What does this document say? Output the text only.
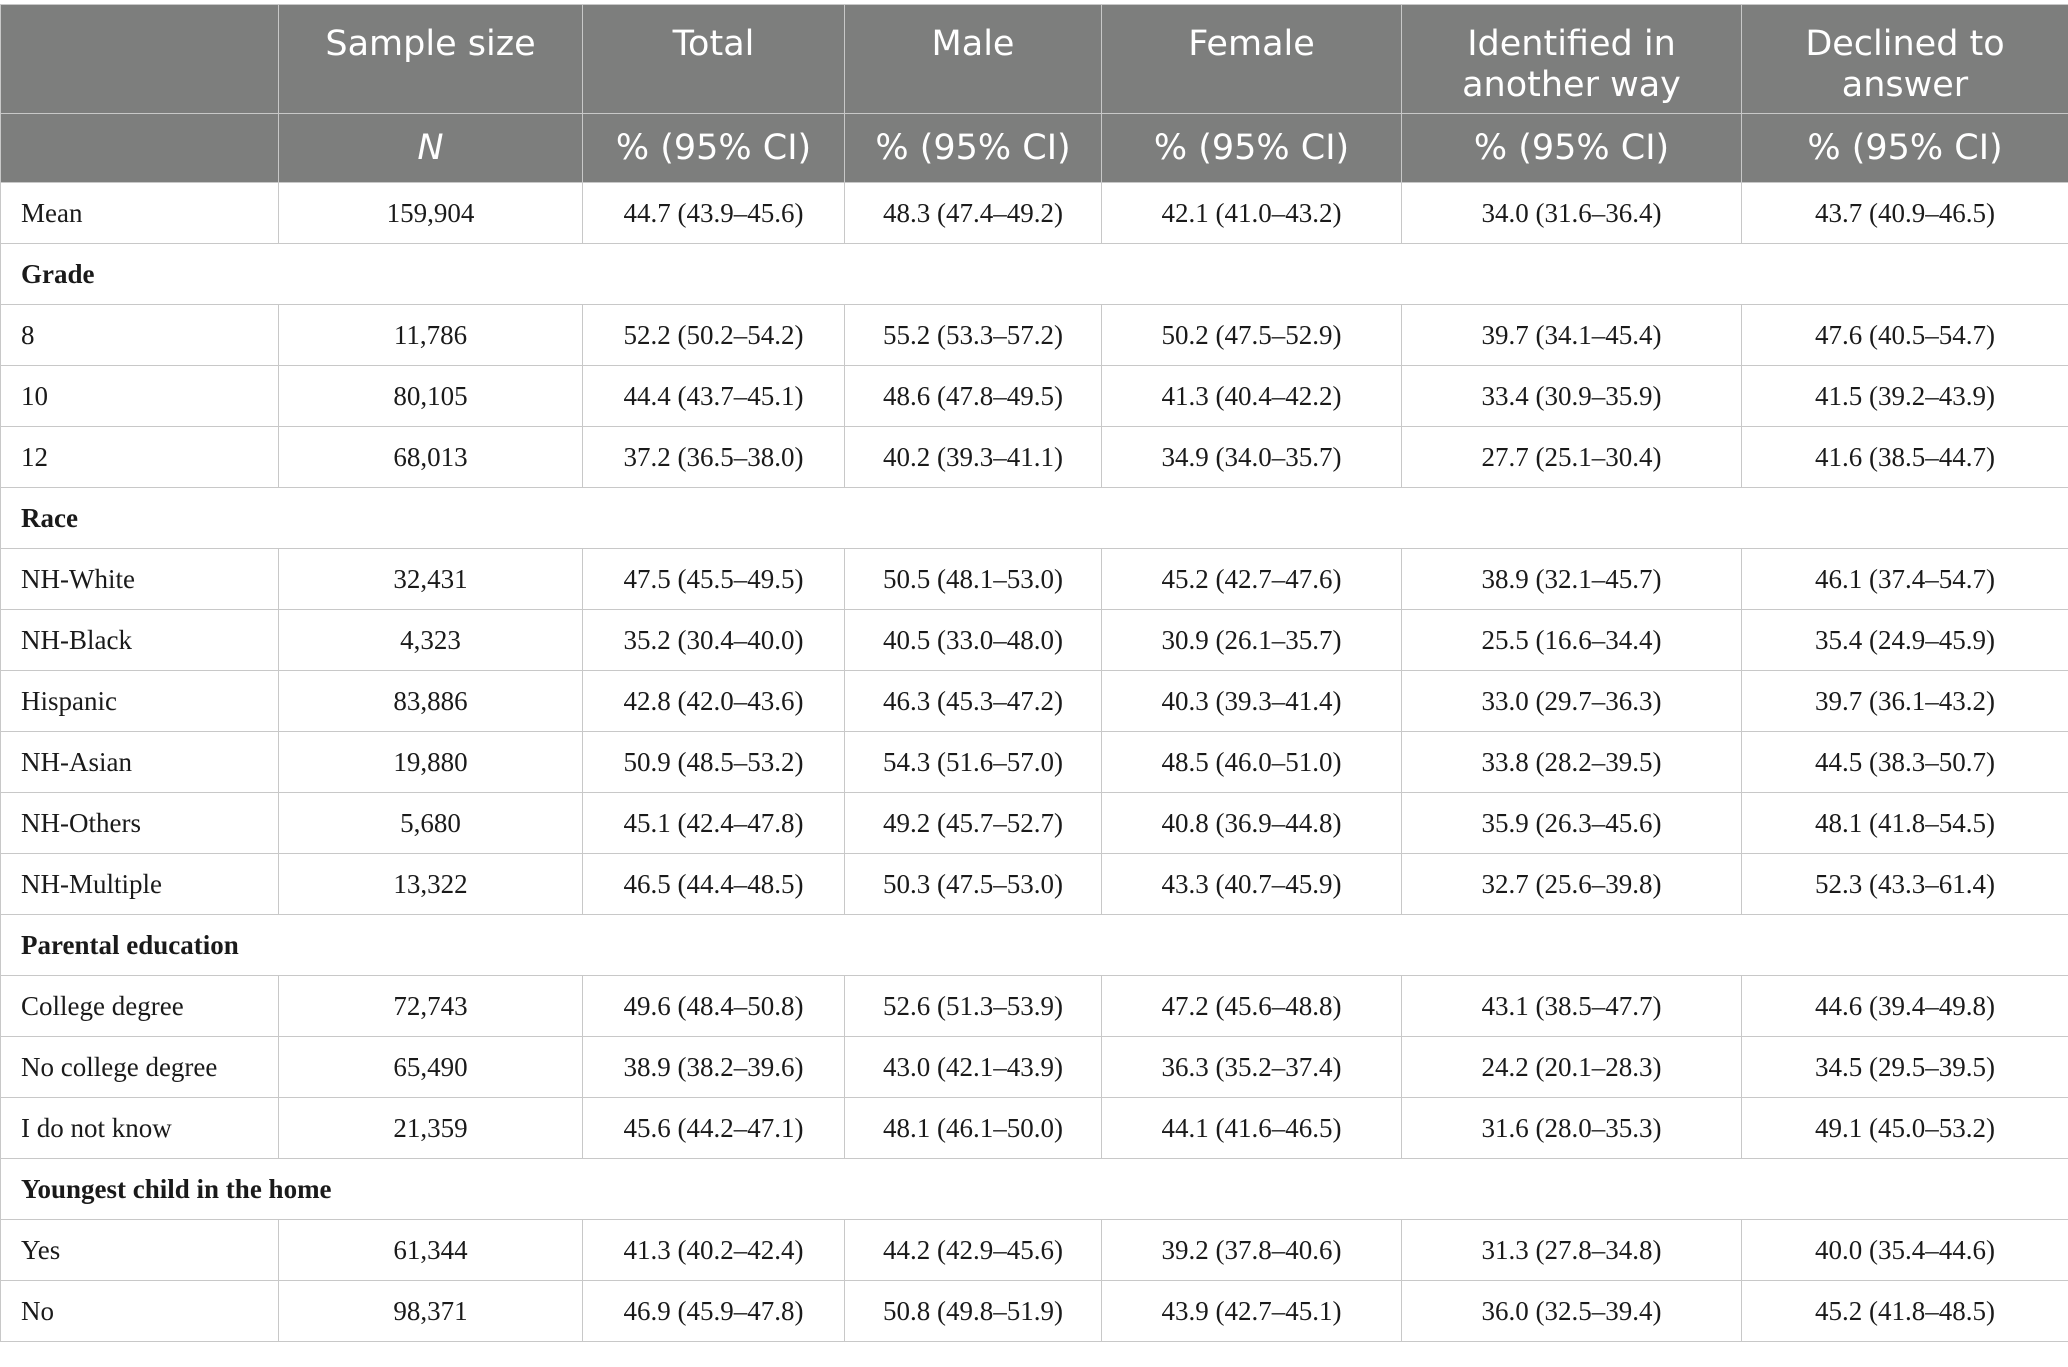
	Sample size	Total	Male	Female	Identified in another way	Declined to answer
	N	% (95% CI)	% (95% CI)	% (95% CI)	% (95% CI)	% (95% CI)
Mean	159,904	44.7 (43.9–45.6)	48.3 (47.4–49.2)	42.1 (41.0–43.2)	34.0 (31.6–36.4)	43.7 (40.9–46.5)
Grade						
8	11,786	52.2 (50.2–54.2)	55.2 (53.3–57.2)	50.2 (47.5–52.9)	39.7 (34.1–45.4)	47.6 (40.5–54.7)
10	80,105	44.4 (43.7–45.1)	48.6 (47.8–49.5)	41.3 (40.4–42.2)	33.4 (30.9–35.9)	41.5 (39.2–43.9)
12	68,013	37.2 (36.5–38.0)	40.2 (39.3–41.1)	34.9 (34.0–35.7)	27.7 (25.1–30.4)	41.6 (38.5–44.7)
Race						
NH-White	32,431	47.5 (45.5–49.5)	50.5 (48.1–53.0)	45.2 (42.7–47.6)	38.9 (32.1–45.7)	46.1 (37.4–54.7)
NH-Black	4,323	35.2 (30.4–40.0)	40.5 (33.0–48.0)	30.9 (26.1–35.7)	25.5 (16.6–34.4)	35.4 (24.9–45.9)
Hispanic	83,886	42.8 (42.0–43.6)	46.3 (45.3–47.2)	40.3 (39.3–41.4)	33.0 (29.7–36.3)	39.7 (36.1–43.2)
NH-Asian	19,880	50.9 (48.5–53.2)	54.3 (51.6–57.0)	48.5 (46.0–51.0)	33.8 (28.2–39.5)	44.5 (38.3–50.7)
NH-Others	5,680	45.1 (42.4–47.8)	49.2 (45.7–52.7)	40.8 (36.9–44.8)	35.9 (26.3–45.6)	48.1 (41.8–54.5)
NH-Multiple	13,322	46.5 (44.4–48.5)	50.3 (47.5–53.0)	43.3 (40.7–45.9)	32.7 (25.6–39.8)	52.3 (43.3–61.4)
Parental education						
College degree	72,743	49.6 (48.4–50.8)	52.6 (51.3–53.9)	47.2 (45.6–48.8)	43.1 (38.5–47.7)	44.6 (39.4–49.8)
No college degree	65,490	38.9 (38.2–39.6)	43.0 (42.1–43.9)	36.3 (35.2–37.4)	24.2 (20.1–28.3)	34.5 (29.5–39.5)
I do not know	21,359	45.6 (44.2–47.1)	48.1 (46.1–50.0)	44.1 (41.6–46.5)	31.6 (28.0–35.3)	49.1 (45.0–53.2)
Youngest child in the home						
Yes	61,344	41.3 (40.2–42.4)	44.2 (42.9–45.6)	39.2 (37.8–40.6)	31.3 (27.8–34.8)	40.0 (35.4–44.6)
No	98,371	46.9 (45.9–47.8)	50.8 (49.8–51.9)	43.9 (42.7–45.1)	36.0 (32.5–39.4)	45.2 (41.8–48.5)
